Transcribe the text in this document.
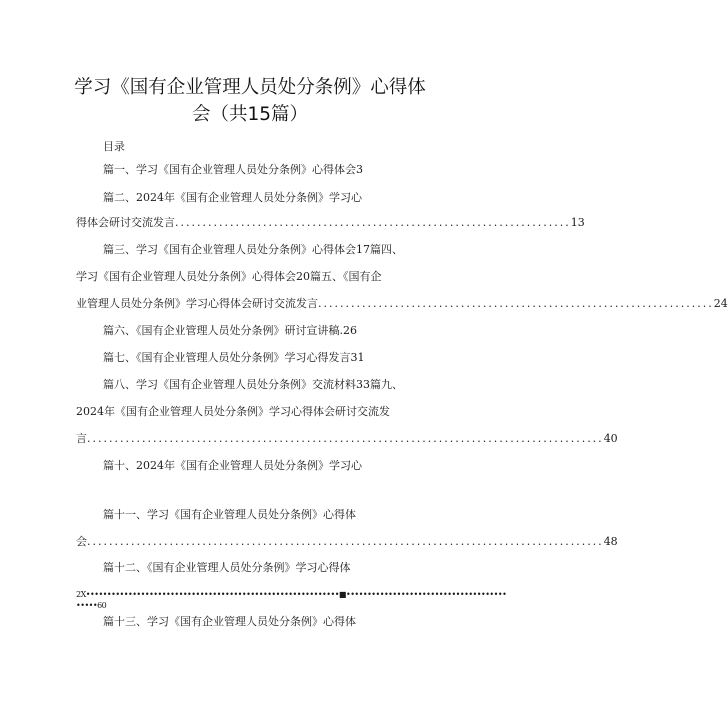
学习《国有企业管理人员处分条例》心得体
会（共15篇）
目录
篇一、学习《国有企业管理人员处分条例》心得体会3
篇二、2024年《国有企业管理人员处分条例》学习心
得体会研讨交流发言 ........................................................................ 13
篇三、学习《国有企业管理人员处分条例》心得体会17篇四、
学习《国有企业管理人员处分条例》心得体会20篇五、《国有企
业管理人员处分条例》学习心得体会研讨交流发言 ........................................................................ 24
篇六、《国有企业管理人员处分条例》研讨宣讲稿.26
篇七、《国有企业管理人员处分条例》学习心得发言31
篇八、学习《国有企业管理人员处分条例》交流材料33篇九、
2024年《国有企业管理人员处分条例》学习心得体会研讨交流发
言 .............................................................................................. 40
篇十、2024年《国有企业管理人员处分条例》学习心
篇十一、学习《国有企业管理人员处分条例》心得体
会 .............................................................................................. 48
篇十二、《国有企业管理人员处分条例》学习心得体
2X••••••••••••••••••••••••••••••••••••••••••••••••••••••••••••■••••••••••••••••••••••••••••••••••••••
•••••60
篇十三、学习《国有企业管理人员处分条例》心得体
